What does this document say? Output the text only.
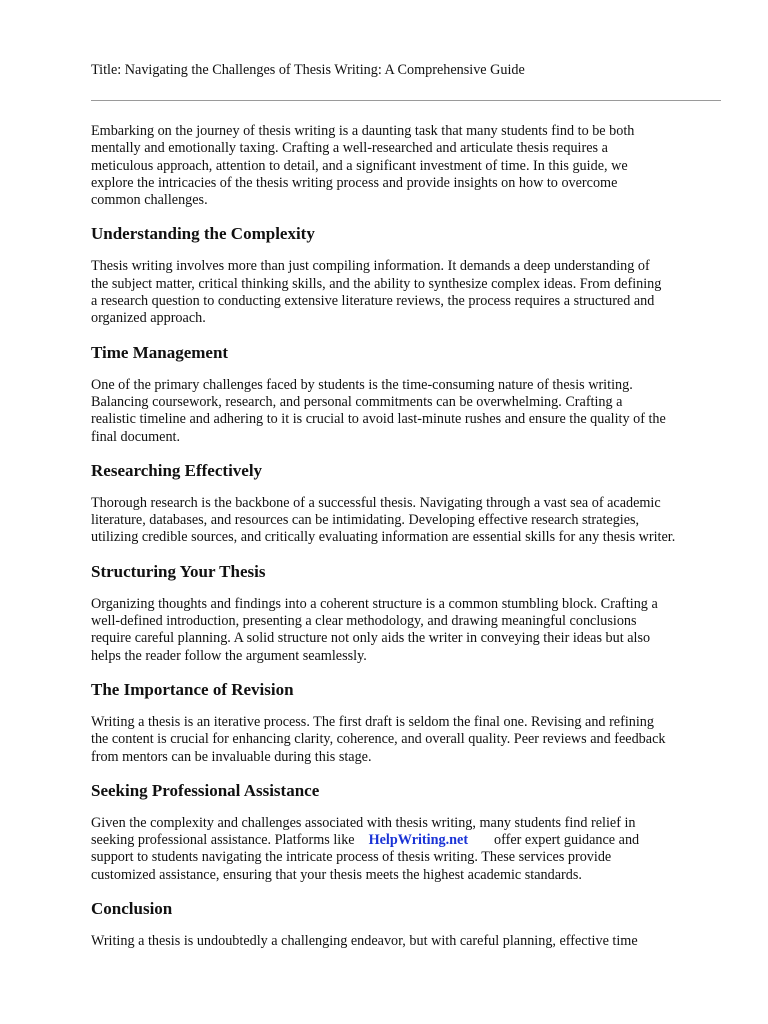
Title: Navigating the Challenges of Thesis Writing: A Comprehensive Guide

Embarking on the journey of thesis writing is a daunting task that many students find to be both
mentally and emotionally taxing. Crafting a well-researched and articulate thesis requires a
meticulous approach, attention to detail, and a significant investment of time. In this guide, we
explore the intricacies of the thesis writing process and provide insights on how to overcome
common challenges.

Understanding the Complexity

Thesis writing involves more than just compiling information. It demands a deep understanding of
the subject matter, critical thinking skills, and the ability to synthesize complex ideas. From defining
a research question to conducting extensive literature reviews, the process requires a structured and
organized approach.

Time Management

One of the primary challenges faced by students is the time-consuming nature of thesis writing.
Balancing coursework, research, and personal commitments can be overwhelming. Crafting a
realistic timeline and adhering to it is crucial to avoid last-minute rushes and ensure the quality of the
final document.

Researching Effectively

Thorough research is the backbone of a successful thesis. Navigating through a vast sea of academic
literature, databases, and resources can be intimidating. Developing effective research strategies,
utilizing credible sources, and critically evaluating information are essential skills for any thesis writer.

Structuring Your Thesis

Organizing thoughts and findings into a coherent structure is a common stumbling block. Crafting a
well-defined introduction, presenting a clear methodology, and drawing meaningful conclusions
require careful planning. A solid structure not only aids the writer in conveying their ideas but also
helps the reader follow the argument seamlessly.

The Importance of Revision

Writing a thesis is an iterative process. The first draft is seldom the final one. Revising and refining
the content is crucial for enhancing clarity, coherence, and overall quality. Peer reviews and feedback
from mentors can be invaluable during this stage.

Seeking Professional Assistance

Given the complexity and challenges associated with thesis writing, many students find relief in
seeking professional assistance. Platforms like HelpWriting.net offer expert guidance and
support to students navigating the intricate process of thesis writing. These services provide
customized assistance, ensuring that your thesis meets the highest academic standards.

Conclusion

Writing a thesis is undoubtedly a challenging endeavor, but with careful planning, effective time
